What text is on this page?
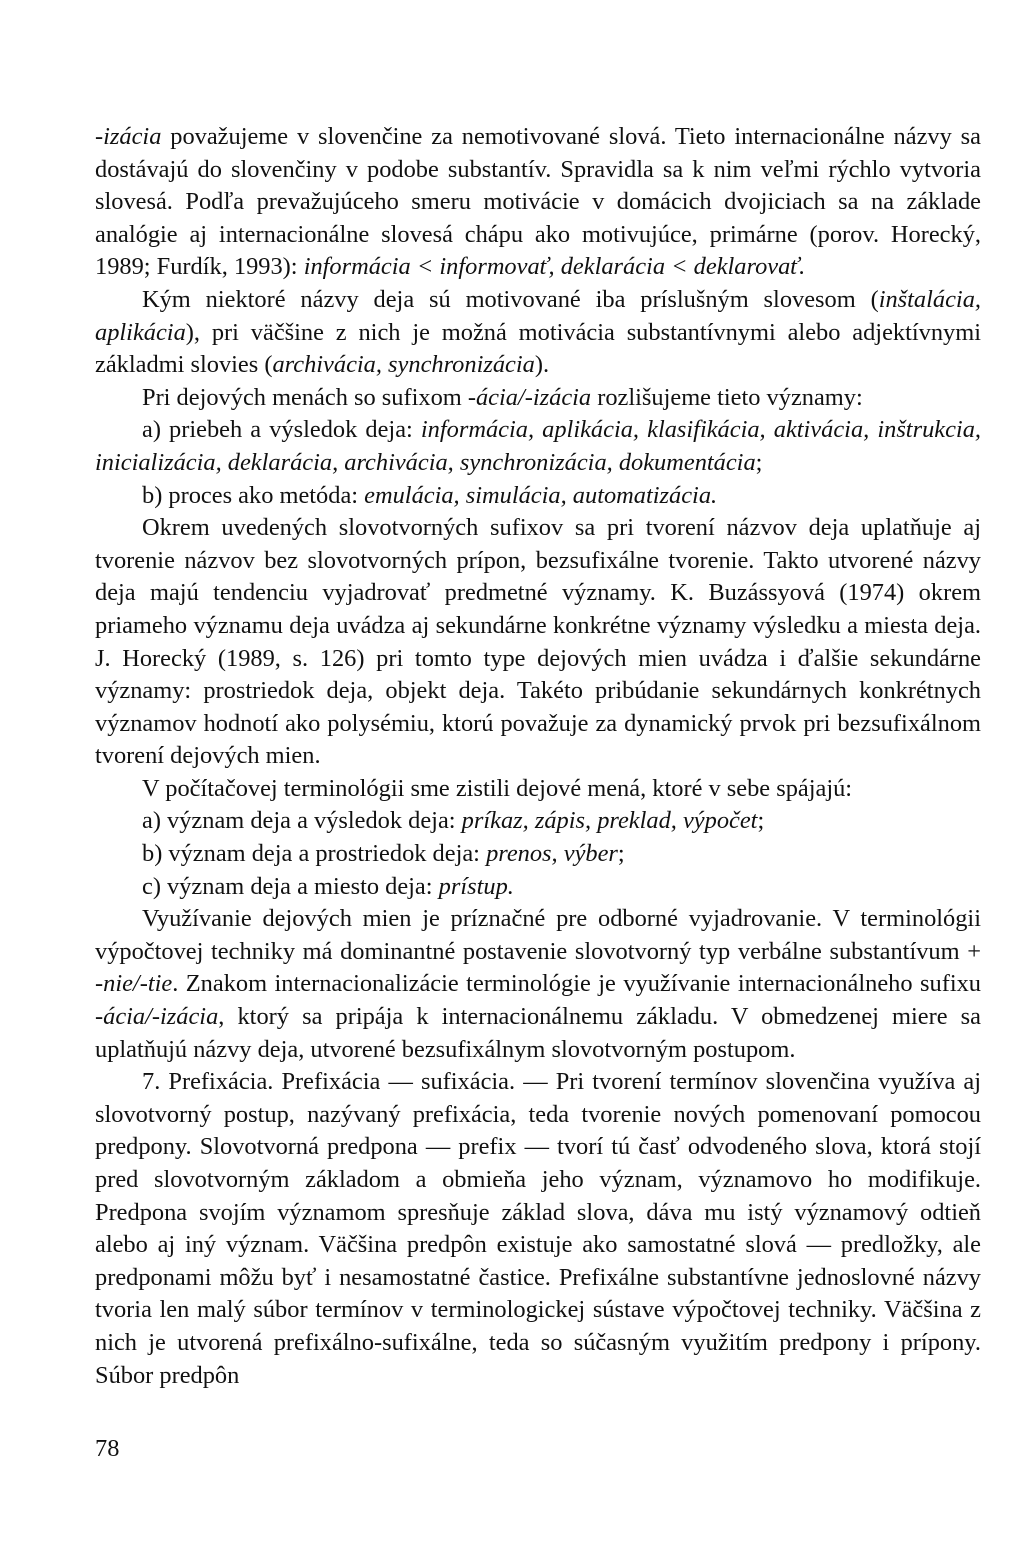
-izácia považujeme v slovenčine za nemotivované slová. Tieto internacionálne názvy sa dostávajú do slovenčiny v podobe substantív. Spravidla sa k nim veľmi rýchlo vytvoria slovesá. Podľa prevažujúceho smeru motivácie v domácich dvojiciach sa na základe analógie aj internacionálne slovesá chápu ako motivujúce, primárne (porov. Horecký, 1989; Furdík, 1993): informácia < informovať, deklarácia < deklarovať.

Kým niektoré názvy deja sú motivované iba príslušným slovesom (inštalácia, aplikácia), pri väčšine z nich je možná motivácia substantívnymi alebo adjektívnymi základmi slovies (archivácia, synchronizácia).

Pri dejových menách so sufixom -ácia/-izácia rozlišujeme tieto významy:

a) priebeh a výsledok deja: informácia, aplikácia, klasifikácia, aktivácia, inštrukcia, inicializácia, deklarácia, archivácia, synchronizácia, dokumentácia;

b) proces ako metóda: emulácia, simulácia, automatizácia.

Okrem uvedených slovotvorných sufixov sa pri tvorení názvov deja uplatňuje aj tvorenie názvov bez slovotvorných prípon, bezsufixálne tvorenie. Takto utvorené názvy deja majú tendenciu vyjadrovať predmetné významy. K. Buzássyová (1974) okrem priameho významu deja uvádza aj sekundárne konkrétne významy výsledku a miesta deja. J. Horecký (1989, s. 126) pri tomto type dejových mien uvádza i ďalšie sekundárne významy: prostriedok deja, objekt deja. Takéto pribúdanie sekundárnych konkrétnych významov hodnotí ako polysémiu, ktorú považuje za dynamický prvok pri bezsufixálnom tvorení dejových mien.

V počítačovej terminológii sme zistili dejové mená, ktoré v sebe spájajú:

a) význam deja a výsledok deja: príkaz, zápis, preklad, výpočet;

b) význam deja a prostriedok deja: prenos, výber;

c) význam deja a miesto deja: prístup.

Využívanie dejových mien je príznačné pre odborné vyjadrovanie. V terminológii výpočtovej techniky má dominantné postavenie slovotvorný typ verbálne substantívum + -nie/-tie. Znakom internacionalizácie terminológie je využívanie internacionálneho sufixu -ácia/-izácia, ktorý sa pripája k internacionálnemu základu. V obmedzenej miere sa uplatňujú názvy deja, utvorené bezsufixálnym slovotvorným postupom.

7. Prefixácia. Prefixácia — sufixácia. — Pri tvorení termínov slovenčina využíva aj slovotvorný postup, nazývaný prefixácia, teda tvorenie nových pomenovaní pomocou predpony. Slovotvorná predpona — prefix — tvorí tú časť odvodeného slova, ktorá stojí pred slovotvorným základom a obmieňa jeho význam, významovo ho modifikuje. Predpona svojím významom spresňuje základ slova, dáva mu istý významový odtieň alebo aj iný význam. Väčšina predpôn existuje ako samostatné slová — predložky, ale predponami môžu byť i nesamostatné častice. Prefixálne substantívne jednoslovné názvy tvoria len malý súbor termínov v terminologickej sústave výpočtovej techniky. Väčšina z nich je utvorená prefixálno-sufixálne, teda so súčasným využitím predpony i prípony. Súbor predpôn

78
